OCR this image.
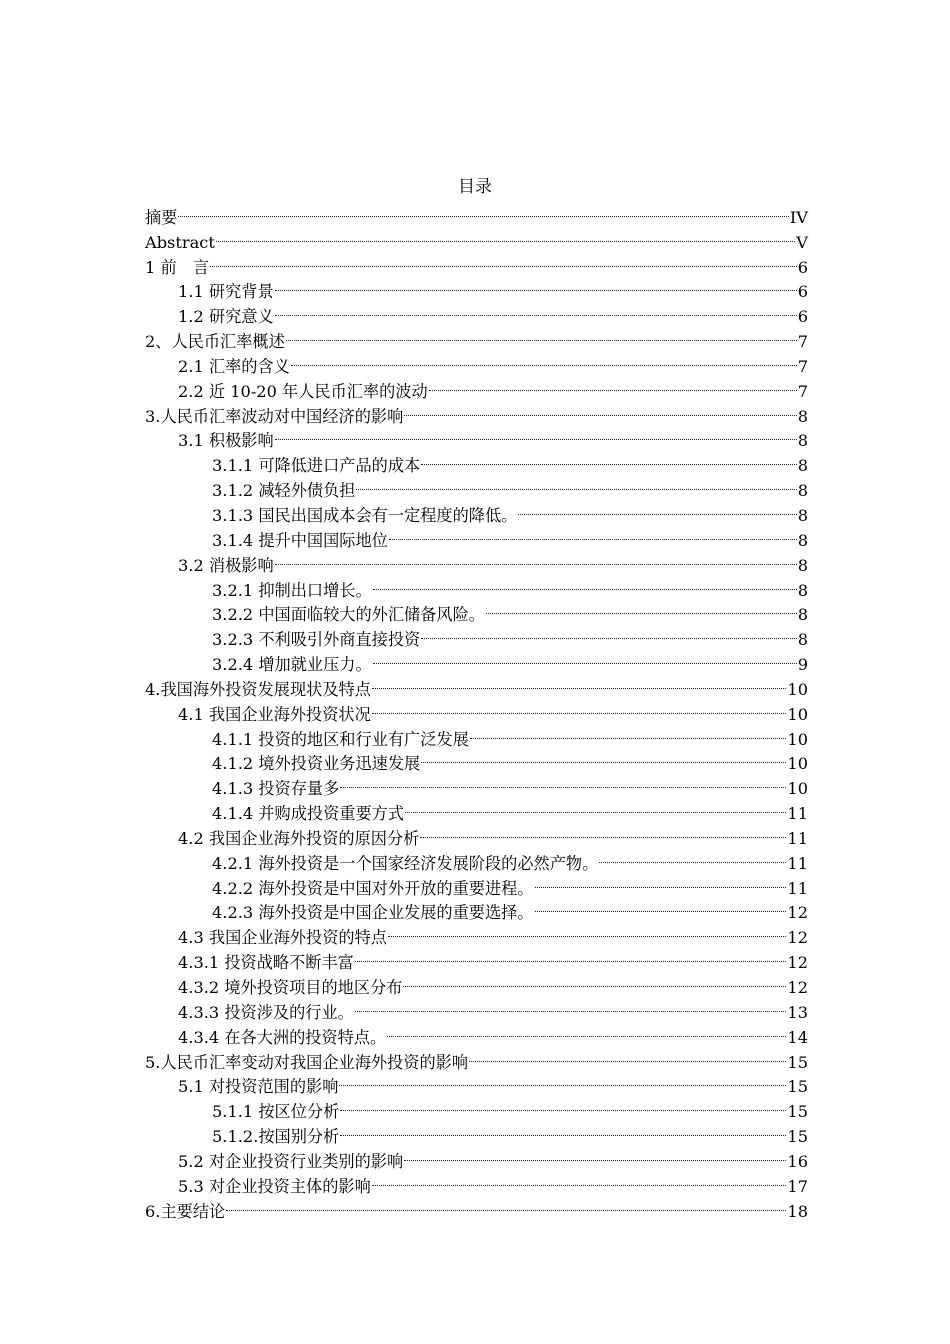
目录
摘要	IV
Abstract	V
1 前　言	6
1.1 研究背景	6
1.2 研究意义	6
2、人民币汇率概述	7
2.1 汇率的含义	7
2.2 近 10-20 年人民币汇率的波动	7
3.人民币汇率波动对中国经济的影响	8
3.1 积极影响	8
3.1.1 可降低进口产品的成本	8
3.1.2 减轻外债负担	8
3.1.3 国民出国成本会有一定程度的降低。	8
3.1.4 提升中国国际地位	8
3.2 消极影响	8
3.2.1 抑制出口增长。	8
3.2.2 中国面临较大的外汇储备风险。	8
3.2.3 不利吸引外商直接投资	8
3.2.4 增加就业压力。	9
4.我国海外投资发展现状及特点	10
4.1 我国企业海外投资状况	10
4.1.1 投资的地区和行业有广泛发展	10
4.1.2 境外投资业务迅速发展	10
4.1.3 投资存量多	10
4.1.4 并购成投资重要方式	11
4.2 我国企业海外投资的原因分析	11
4.2.1 海外投资是一个国家经济发展阶段的必然产物。	11
4.2.2 海外投资是中国对外开放的重要进程。	11
4.2.3 海外投资是中国企业发展的重要选择。	12
4.3 我国企业海外投资的特点	12
4.3.1 投资战略不断丰富	12
4.3.2 境外投资项目的地区分布	12
4.3.3 投资涉及的行业。	13
4.3.4 在各大洲的投资特点。	14
5.人民币汇率变动对我国企业海外投资的影响	15
5.1 对投资范围的影响	15
5.1.1 按区位分析	15
5.1.2.按国别分析	15
5.2 对企业投资行业类别的影响	16
5.3 对企业投资主体的影响	17
6.主要结论	18
